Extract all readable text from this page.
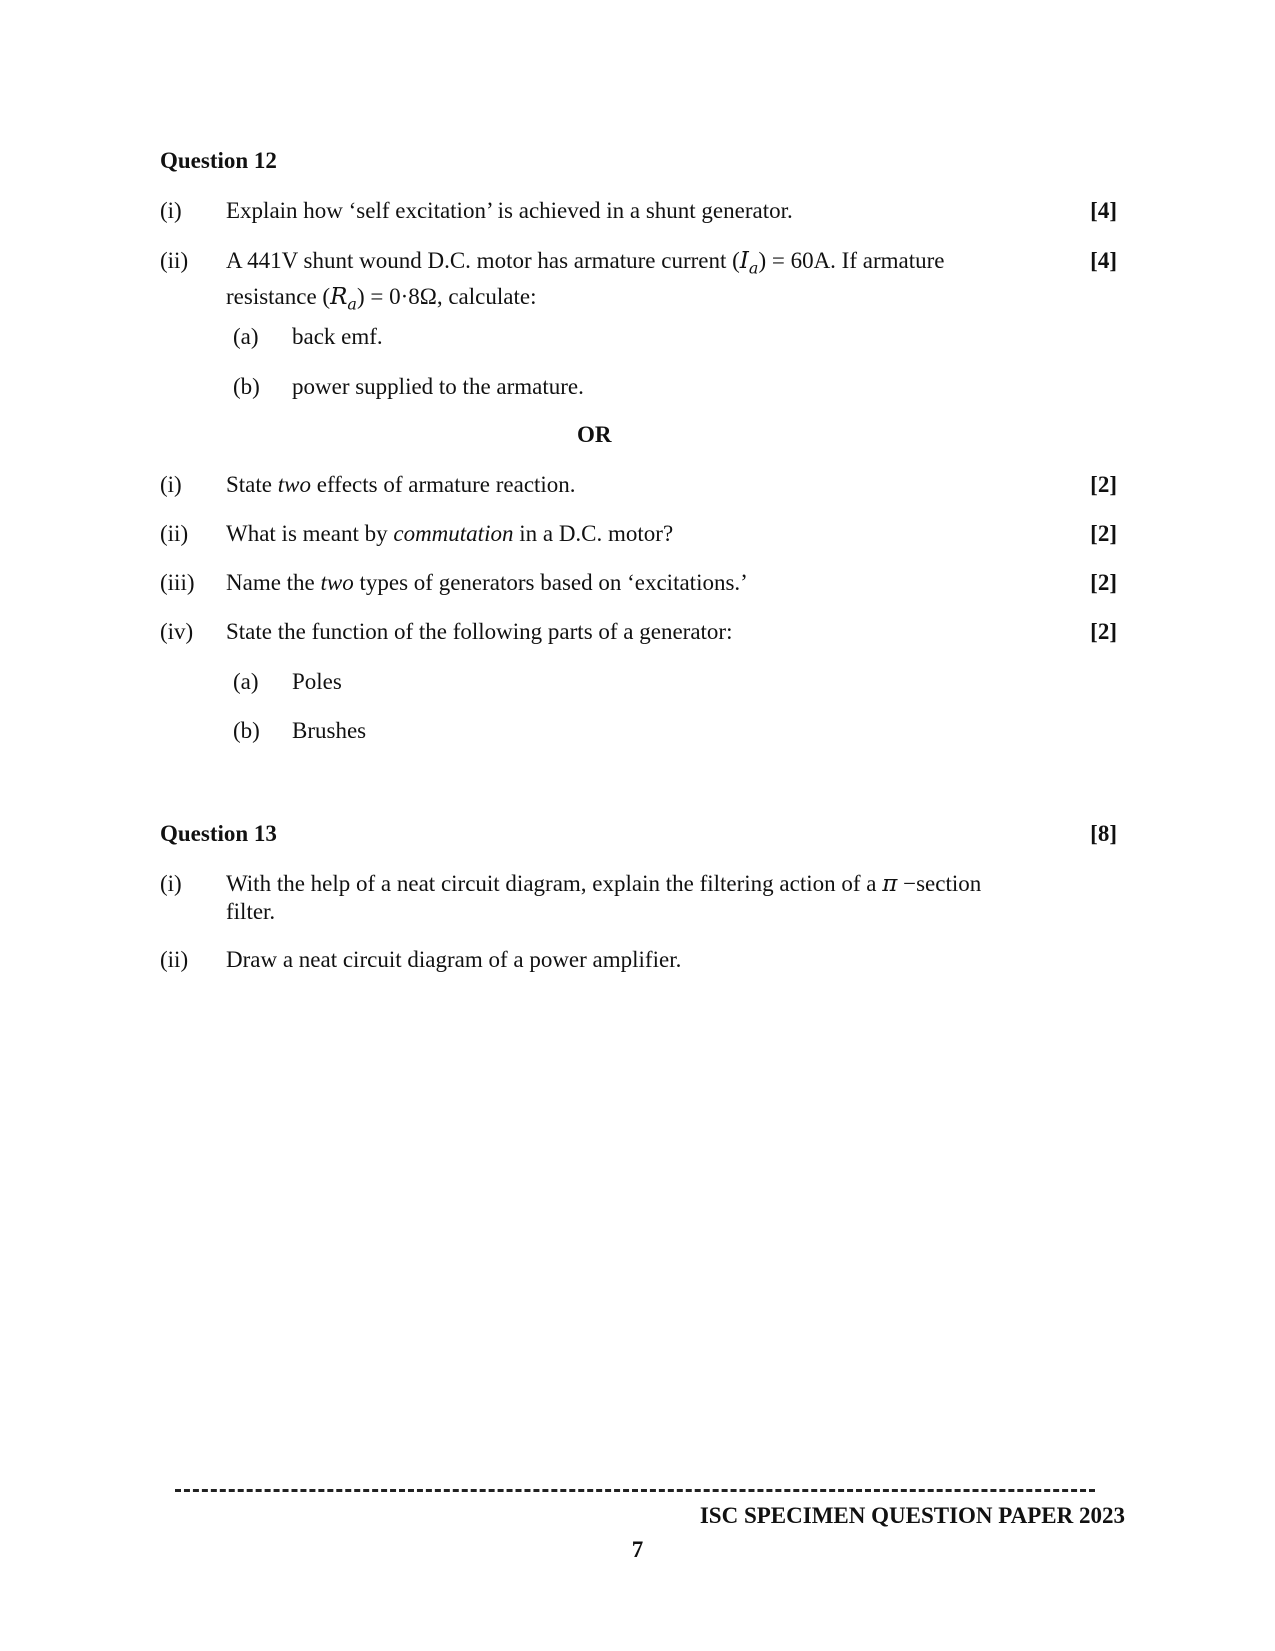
Question 12
(i) Explain how ‘self excitation’ is achieved in a shunt generator.	[4]
(ii) A 441V shunt wound D.C. motor has armature current $(I_a) = 60A$. If armature
resistance $(R_a) = 0\cdot 8\Omega$, calculate:
[4]
(a) back emf.
(b) power supplied to the armature.
OR
(i) State two effects of armature reaction.	[2]
(ii) What is meant by commutation in a D.C. motor?	[2]
(iii) Name the two types of generators based on ‘excitations.’	[2]
(iv) State the function of the following parts of a generator:	[2]
(a) Poles
(b) Brushes
Question 13	[8]
(i) With the help of a neat circuit diagram, explain the filtering action of a π −section
filter.
(ii) Draw a neat circuit diagram of a power amplifier.
ISC SPECIMEN QUESTION PAPER 2023
7
